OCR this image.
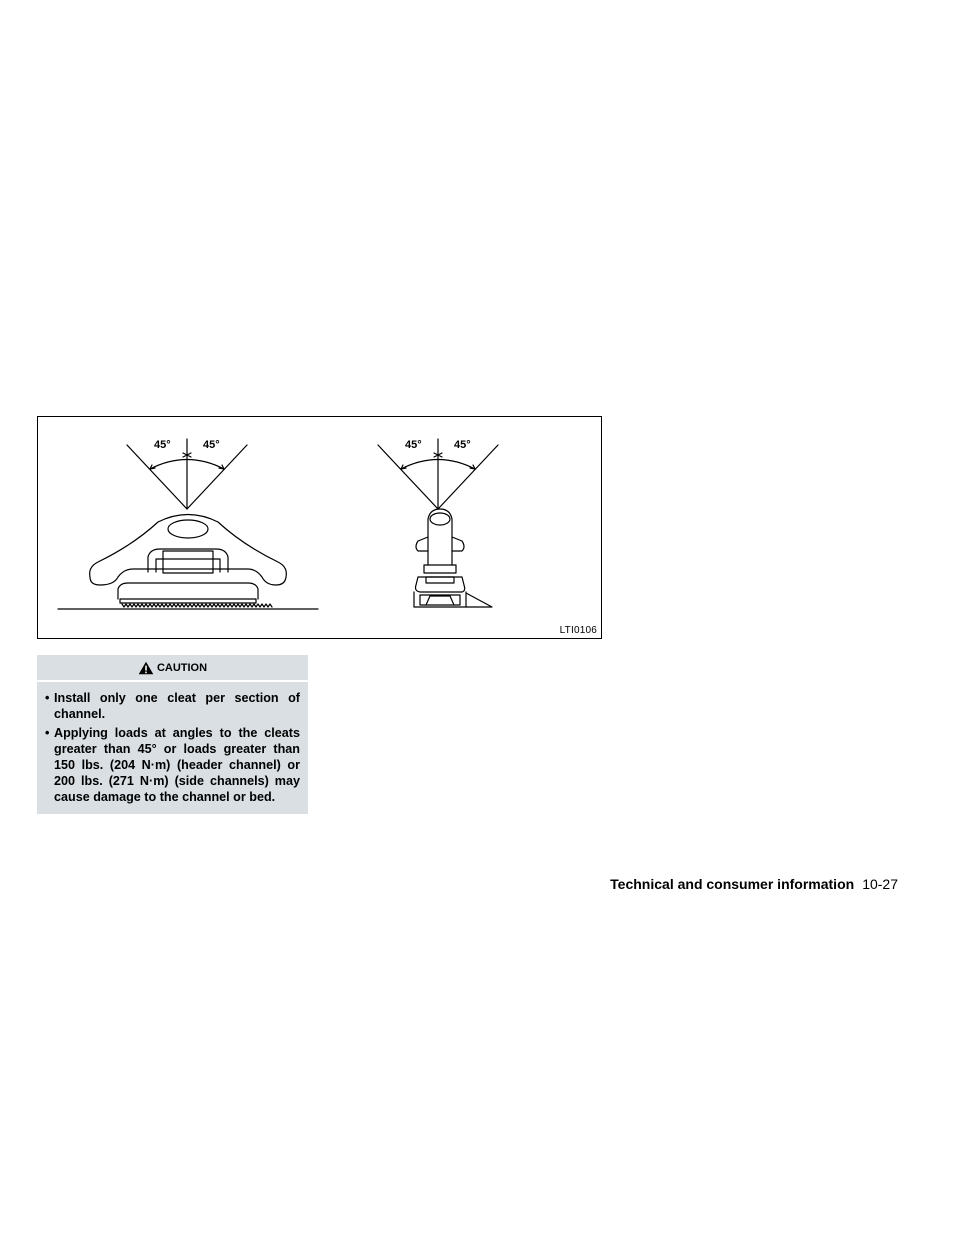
45°	45°	45°	45°
LTI0106
CAUTION
• Install only one cleat per section of channel.
• Applying loads at angles to the cleats greater than 45° or loads greater than 150 lbs. (204 N·m) (header channel) or 200 lbs. (271 N·m) (side channels) may cause damage to the channel or bed.
Technical and consumer information 10-27
